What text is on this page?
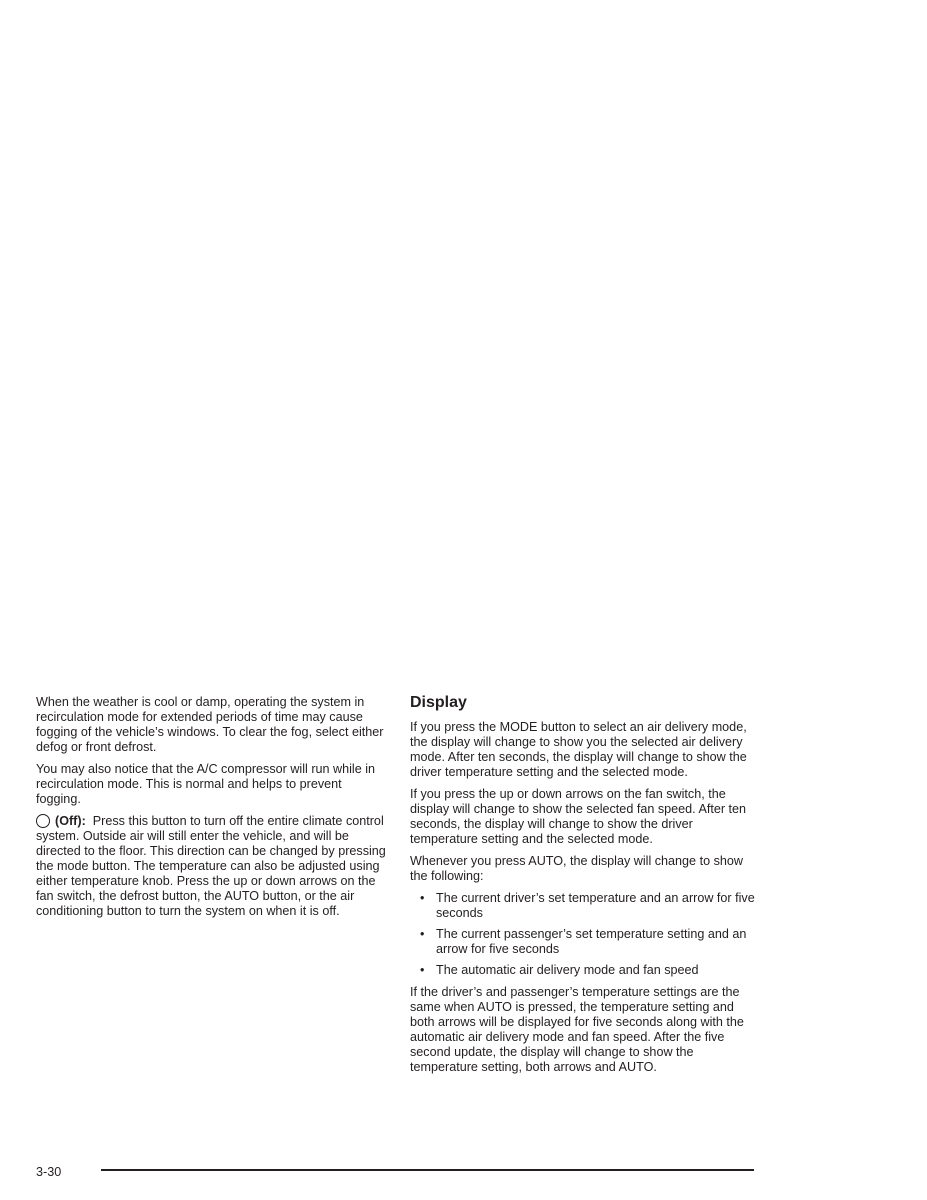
When the weather is cool or damp, operating the system in recirculation mode for extended periods of time may cause fogging of the vehicle’s windows. To clear the fog, select either defog or front defrost.

You may also notice that the A/C compressor will run while in recirculation mode. This is normal and helps to prevent fogging.

(Off): Press this button to turn off the entire climate control system. Outside air will still enter the vehicle, and will be directed to the floor. This direction can be changed by pressing the mode button. The temperature can also be adjusted using either temperature knob. Press the up or down arrows on the fan switch, the defrost button, the AUTO button, or the air conditioning button to turn the system on when it is off.

Display

If you press the MODE button to select an air delivery mode, the display will change to show you the selected air delivery mode. After ten seconds, the display will change to show the driver temperature setting and the selected mode.

If you press the up or down arrows on the fan switch, the display will change to show the selected fan speed. After ten seconds, the display will change to show the driver temperature setting and the selected mode.

Whenever you press AUTO, the display will change to show the following:

• The current driver’s set temperature and an arrow for five seconds
• The current passenger’s set temperature setting and an arrow for five seconds
• The automatic air delivery mode and fan speed

If the driver’s and passenger’s temperature settings are the same when AUTO is pressed, the temperature setting and both arrows will be displayed for five seconds along with the automatic air delivery mode and fan speed. After the five second update, the display will change to show the temperature setting, both arrows and AUTO.

3-30
